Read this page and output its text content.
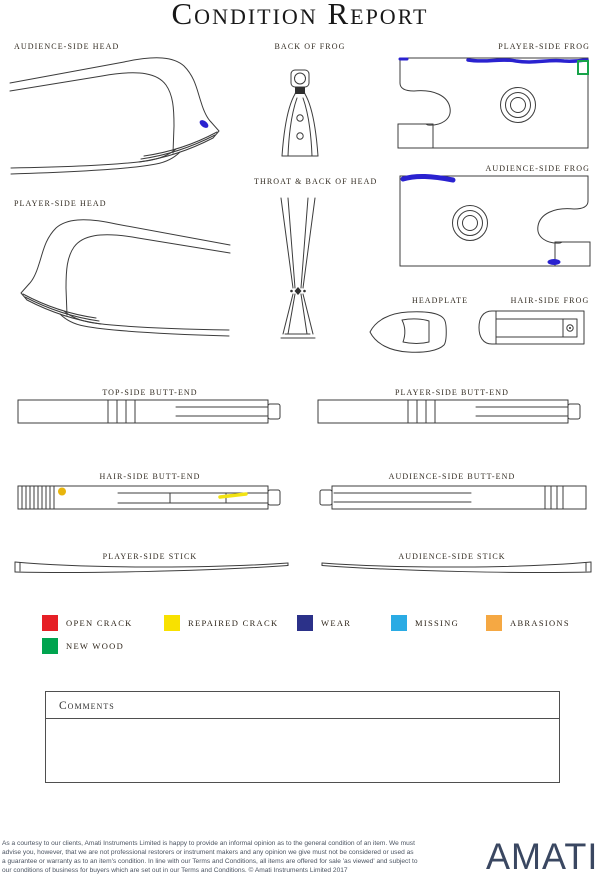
Condition Report
AUDIENCE-SIDE HEAD	BACK OF FROG	PLAYER-SIDE FROG
AUDIENCE-SIDE FROG
PLAYER-SIDE HEAD
THROAT & BACK OF HEAD
HEADPLATE	HAIR-SIDE FROG
TOP-SIDE BUTT-END	PLAYER-SIDE BUTT-END
HAIR-SIDE BUTT-END	AUDIENCE-SIDE BUTT-END
PLAYER-SIDE STICK	AUDIENCE-SIDE STICK
OPEN CRACK	REPAIRED CRACK	WEAR	MISSING	ABRASIONS
NEW WOOD
Comments
As a courtesy to our clients, Amati Instruments Limited is happy to provide an informal opinion as to the general condition of an item. We must
advise you, however, that we are not professional restorers or instrument makers and any opinion we give must not be considered or used as
a guarantee or warranty as to an item's condition. In line with our Terms and Conditions, all items are offered for sale 'as viewed' and subject to
our conditions of business for buyers which are set out in our Terms and Conditions. © Amati Instruments Limited 2017	AMATI
